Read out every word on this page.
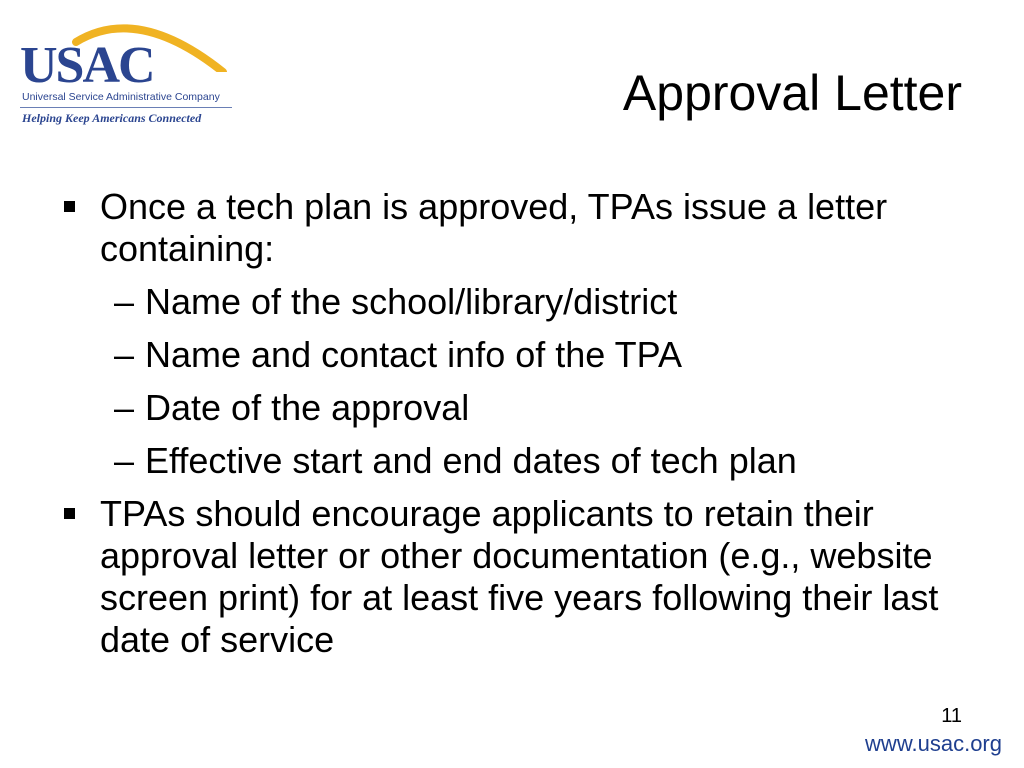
USAC
Universal Service Administrative Company
Helping Keep Americans Connected	Approval Letter
Once a tech plan is approved, TPAs issue a letter containing:
– Name of the school/library/district
– Name and contact info of the TPA
– Date of the approval
– Effective start and end dates of tech plan
TPAs should encourage applicants to retain their approval letter or other documentation (e.g., website screen print) for at least five years following their last date of service
11
www.usac.org
